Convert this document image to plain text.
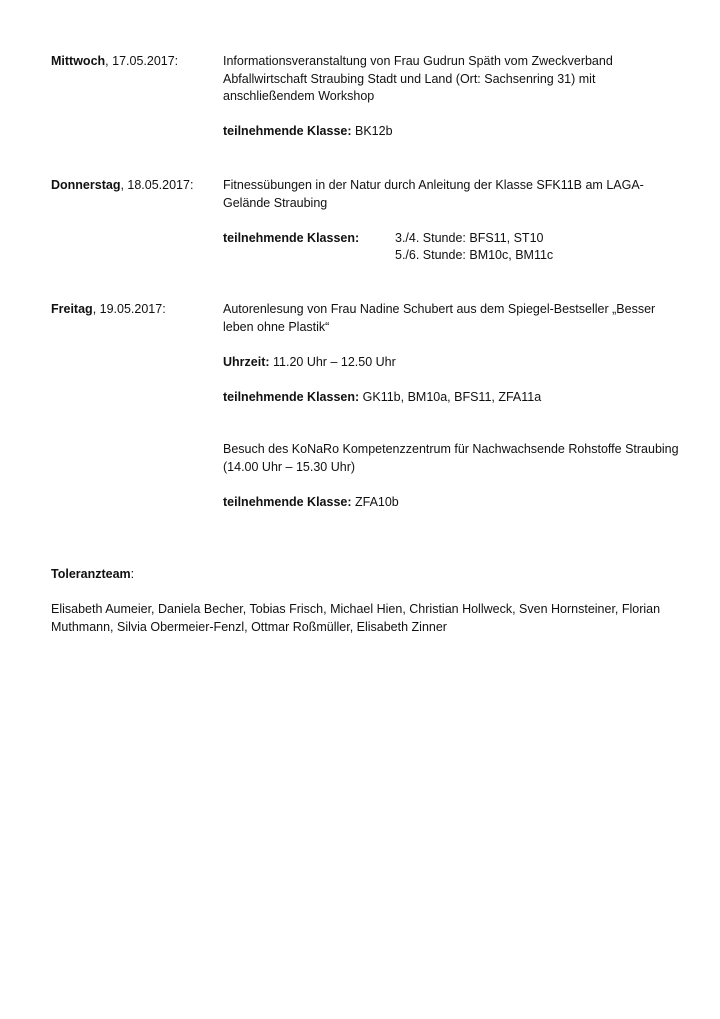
Mittwoch, 17.05.2017:	Informationsveranstaltung von Frau Gudrun Späth vom Zweckverband Abfallwirtschaft Straubing Stadt und Land (Ort: Sachsenring 31) mit anschließendem Workshop

teilnehmende Klasse: BK12b

Donnerstag, 18.05.2017:	Fitnessübungen in der Natur durch Anleitung der Klasse SFK11B am LAGA-Gelände Straubing

teilnehmende Klassen:	3./4. Stunde: BFS11, ST10
5./6. Stunde: BM10c, BM11c
Freitag, 19.05.2017:	Autorenlesung von Frau Nadine Schubert aus dem Spiegel-Bestseller „Besser leben ohne Plastik“

Uhrzeit: 11.20 Uhr – 12.50 Uhr

teilnehmende Klassen: GK11b, BM10a, BFS11, ZFA11a

Besuch des KoNaRo Kompetenzzentrum für Nachwachsende Rohstoffe Straubing (14.00 Uhr – 15.30 Uhr)

teilnehmende Klasse: ZFA10b

Toleranzteam:

Elisabeth Aumeier, Daniela Becher, Tobias Frisch, Michael Hien, Christian Hollweck, Sven Hornsteiner, Florian Muthmann, Silvia Obermeier-Fenzl, Ottmar Roßmüller, Elisabeth Zinner
